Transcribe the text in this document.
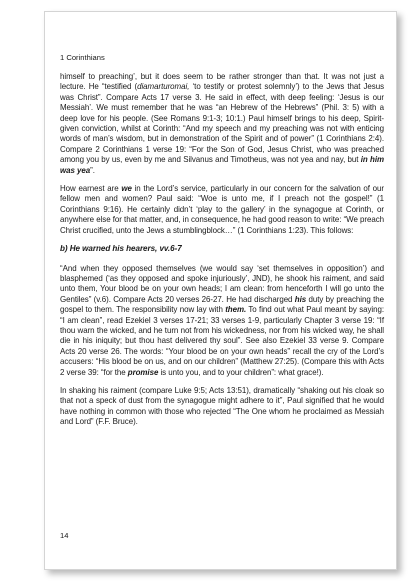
1 Corinthians

himself to preaching’, but it does seem to be rather stronger than that. It was not just a lecture. He “testified (diamarturomai, ‘to testify or protest solemnly’) to the Jews that Jesus was Christ”. Compare Acts 17 verse 3. He said in effect, with deep feeling: ‘Jesus is our Messiah’. We must remember that he was “an Hebrew of the Hebrews” (Phil. 3: 5) with a deep love for his people. (See Romans 9:1-3; 10:1.) Paul himself brings to his deep, Spirit-given conviction, whilst at Corinth: “And my speech and my preaching was not with enticing words of man’s wisdom, but in demonstration of the Spirit and of power” (1 Corinthians 2:4). Compare 2 Corinthians 1 verse 19: “For the Son of God, Jesus Christ, who was preached among you by us, even by me and Silvanus and Timotheus, was not yea and nay, but in him was yea”.

How earnest are we in the Lord’s service, particularly in our concern for the salvation of our fellow men and women? Paul said: “Woe is unto me, if I preach not the gospel!” (1 Corinthians 9:16). He certainly didn’t ‘play to the gallery’ in the synagogue at Corinth, or anywhere else for that matter, and, in consequence, he had good reason to write: “We preach Christ crucified, unto the Jews a stumblingblock…” (1 Corinthians 1:23). This follows:

b) He warned his hearers, vv.6-7

“And when they opposed themselves (we would say ‘set themselves in opposition’) and blasphemed (‘as they opposed and spoke injuriously’, JND), he shook his raiment, and said unto them, Your blood be on your own heads; I am clean: from henceforth I will go unto the Gentiles” (v.6). Compare Acts 20 verses 26-27. He had discharged his duty by preaching the gospel to them. The responsibility now lay with them. To find out what Paul meant by saying: “I am clean”, read Ezekiel 3 verses 17-21; 33 verses 1-9, particularly Chapter 3 verse 19: “If thou warn the wicked, and he turn not from his wickedness, nor from his wicked way, he shall die in his iniquity; but thou hast delivered thy soul”. See also Ezekiel 33 verse 9. Compare Acts 20 verse 26. The words: “Your blood be on your own heads” recall the cry of the Lord’s accusers: “His blood be on us, and on our children” (Matthew 27:25). (Compare this with Acts 2 verse 39: “for the promise is unto you, and to your children”: what grace!).

In shaking his raiment (compare Luke 9:5; Acts 13:51), dramatically “shaking out his cloak so that not a speck of dust from the synagogue might adhere to it”, Paul signified that he would have nothing in common with those who rejected “The One whom he proclaimed as Messiah and Lord” (F.F. Bruce).

14
